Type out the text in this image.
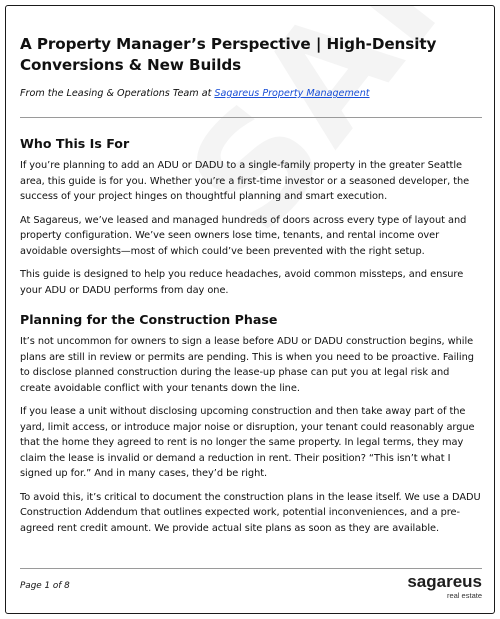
A Property Manager’s Perspective | High-Density Conversions & New Builds
From the Leasing & Operations Team at Sagareus Property Management
Who This Is For

If you’re planning to add an ADU or DADU to a single-family property in the greater Seattle area, this guide is for you. Whether you’re a first-time investor or a seasoned developer, the success of your project hinges on thoughtful planning and smart execution.

At Sagareus, we’ve leased and managed hundreds of doors across every type of layout and property configuration. We’ve seen owners lose time, tenants, and rental income over avoidable oversights—most of which could’ve been prevented with the right setup.

This guide is designed to help you reduce headaches, avoid common missteps, and ensure your ADU or DADU performs from day one.

Planning for the Construction Phase

It’s not uncommon for owners to sign a lease before ADU or DADU construction begins, while plans are still in review or permits are pending. This is when you need to be proactive. Failing to disclose planned construction during the lease-up phase can put you at legal risk and create avoidable conflict with your tenants down the line.

If you lease a unit without disclosing upcoming construction and then take away part of the yard, limit access, or introduce major noise or disruption, your tenant could reasonably argue that the home they agreed to rent is no longer the same property. In legal terms, they may claim the lease is invalid or demand a reduction in rent. Their position? “This isn’t what I signed up for.” And in many cases, they’d be right.

To avoid this, it’s critical to document the construction plans in the lease itself. We use a DADU Construction Addendum that outlines expected work, potential inconveniences, and a pre-agreed rent credit amount. We provide actual site plans as soon as they are available.

Page 1 of 8	sagareus
real estate
